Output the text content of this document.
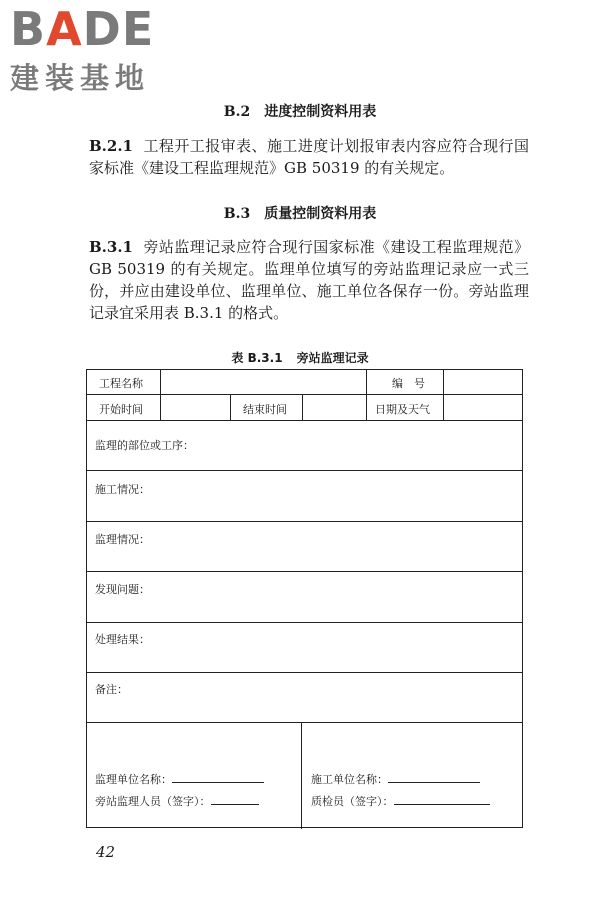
BADE
建装基地
B.2 进度控制资料用表
B.2.1 工程开工报审表、施工进度计划报审表内容应符合现行国家标准《建设工程监理规范》GB 50319 的有关规定。
B.3 质量控制资料用表
B.3.1 旁站监理记录应符合现行国家标准《建设工程监理规范》GB 50319 的有关规定。监理单位填写的旁站监理记录应一式三份，并应由建设单位、监理单位、施工单位各保存一份。旁站监理记录宜采用表 B.3.1 的格式。
表 B.3.1 旁站监理记录
工程名称	编　号
开始时间	结束时间	日期及天气
监理的部位或工序：
施工情况：
监理情况：
发现问题：
处理结果：
备注：
监理单位名称：
旁站监理人员（签字）：
施工单位名称：
质检员（签字）：
42
